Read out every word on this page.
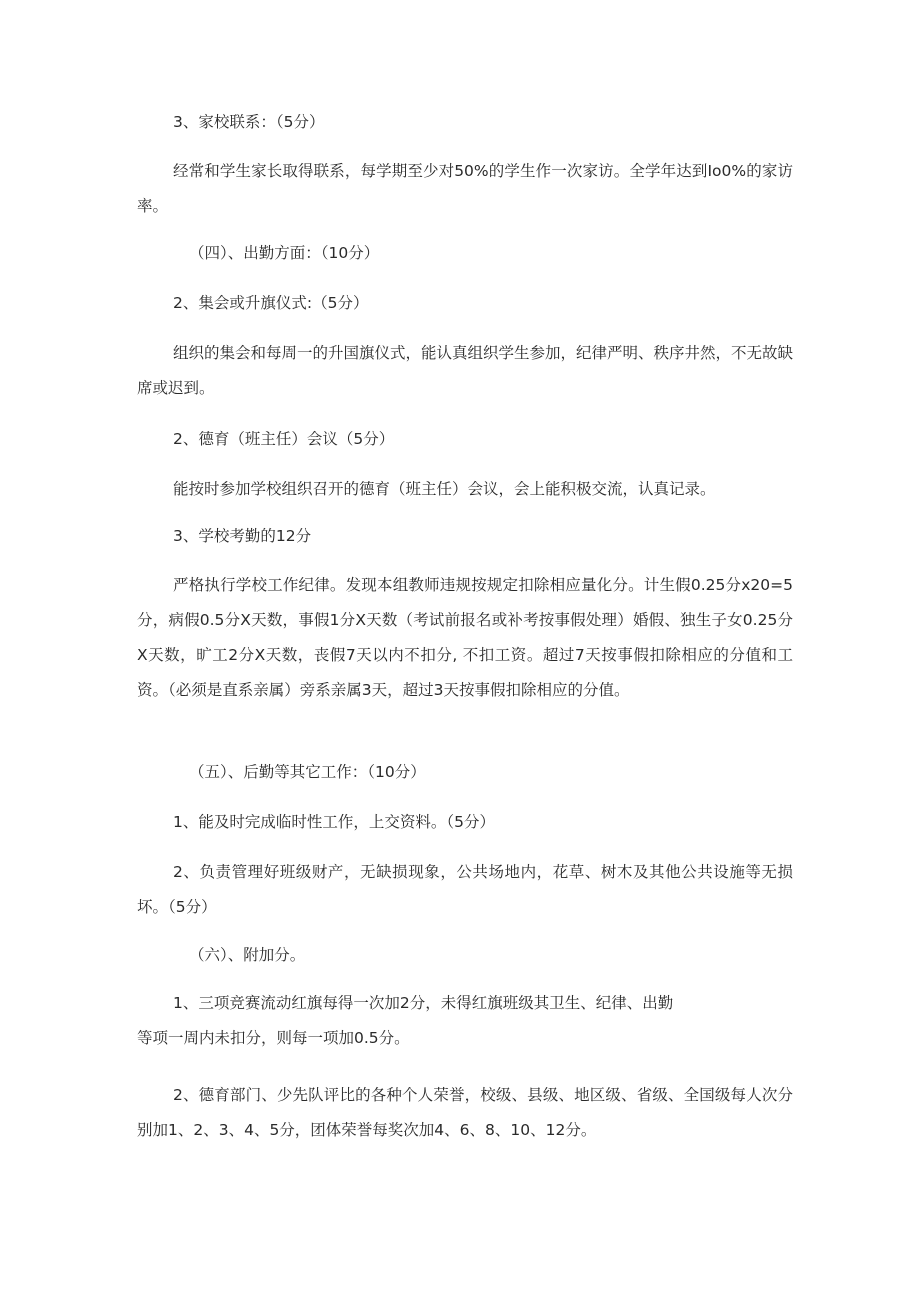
3、家校联系：（5分）

经常和学生家长取得联系，每学期至少对50%的学生作一次家访。全学年达到Io0%的家访率。

（四）、出勤方面：（10分）

2、集会或升旗仪式:（5分）

组织的集会和每周一的升国旗仪式，能认真组织学生参加，纪律严明、秩序井然，不无故缺席或迟到。

2、德育（班主任）会议（5分）

能按时参加学校组织召开的德育（班主任）会议，会上能积极交流，认真记录。

3、学校考勤的12分

严格执行学校工作纪律。发现本组教师违规按规定扣除相应量化分。计生假0.25分x20=5分，病假0.5分X天数，事假1分X天数（考试前报名或补考按事假处理）婚假、独生子女0.25分X天数，旷工2分X天数，丧假7天以内不扣分, 不扣工资。超过7天按事假扣除相应的分值和工资。（必须是直系亲属）旁系亲属3天，超过3天按事假扣除相应的分值。

（五）、后勤等其它工作：（10分）

1、能及时完成临时性工作，上交资料。（5分）

2、负责管理好班级财产，无缺损现象，公共场地内，花草、树木及其他公共设施等无损坏。（5分）

（六）、附加分。

1、三项竞赛流动红旗每得一次加2分，未得红旗班级其卫生、纪律、出勤

等项一周内未扣分，则每一项加0.5分。

2、德育部门、少先队评比的各种个人荣誉，校级、县级、地区级、省级、全国级每人次分别加1、2、3、4、5分，团体荣誉每奖次加4、6、8、10、12分。
